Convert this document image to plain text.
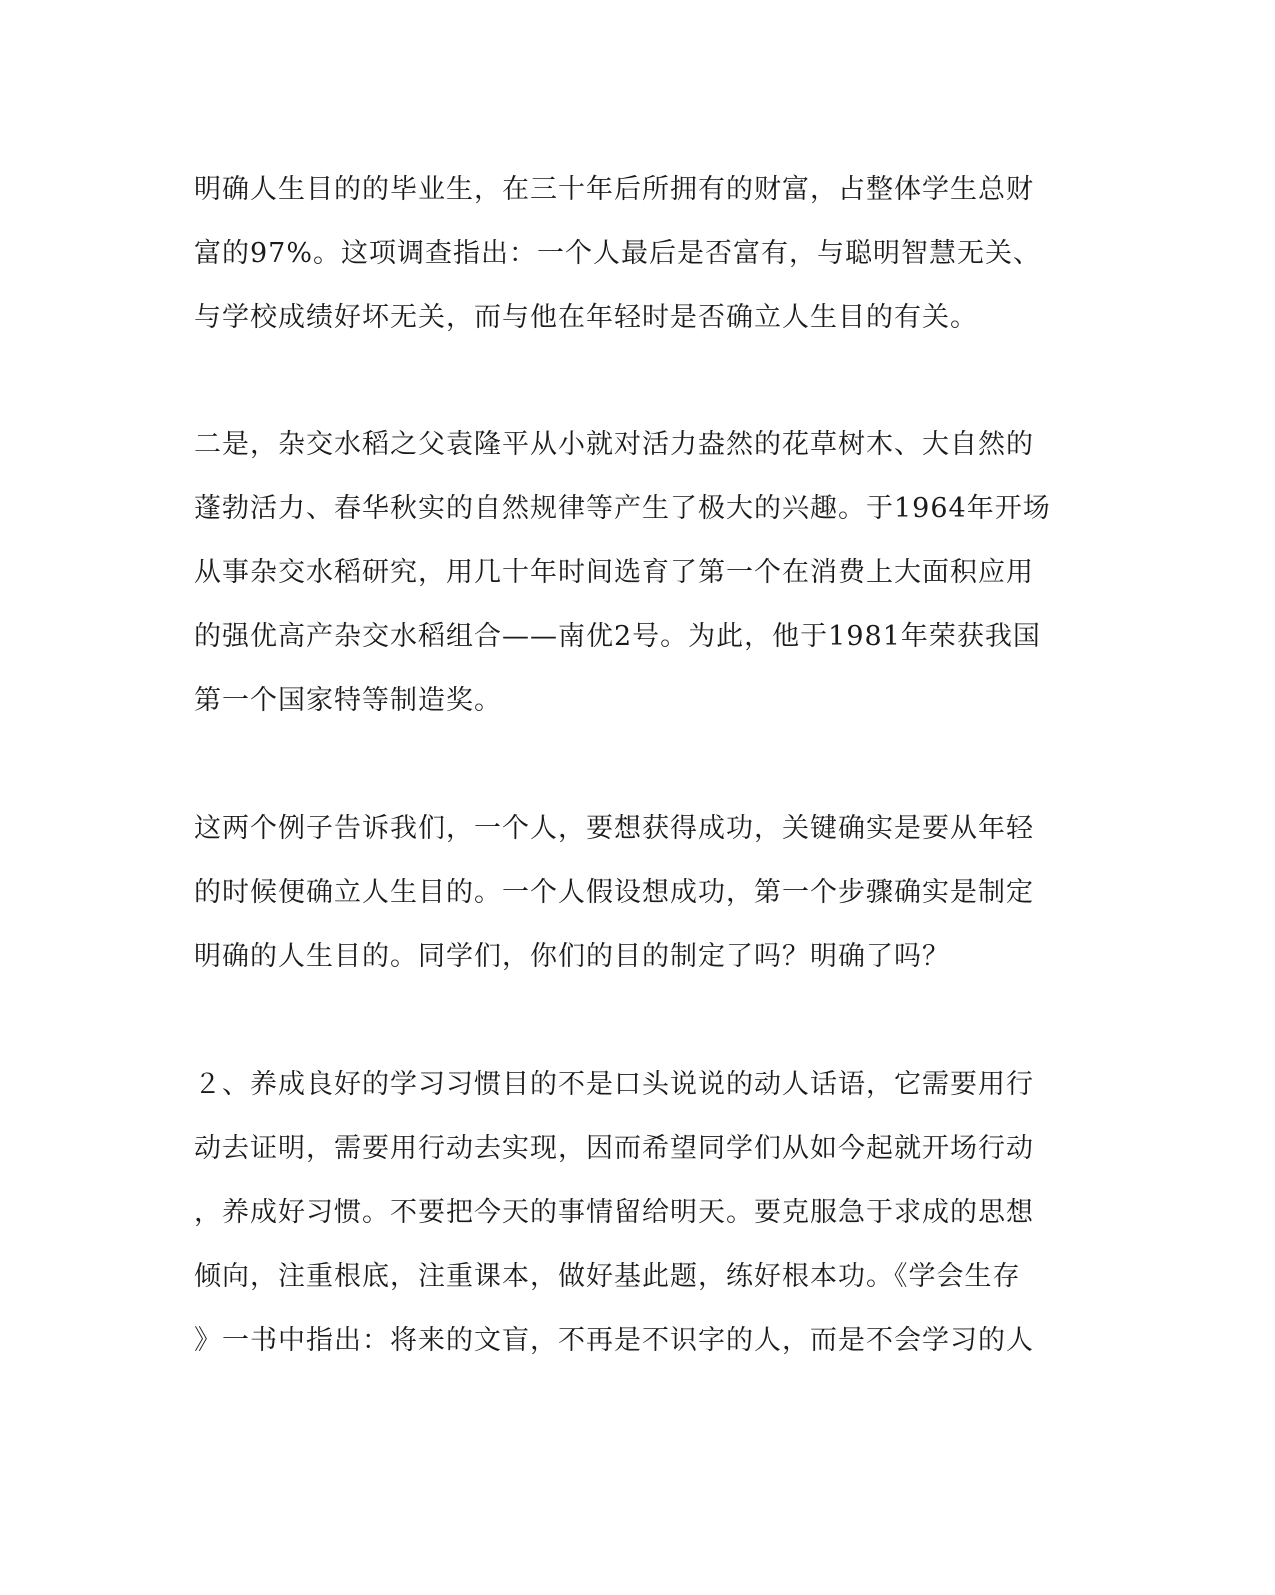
明确人生目的的毕业生，在三十年后所拥有的财富，占整体学生总财
富的97%。这项调查指出：一个人最后是否富有，与聪明智慧无关、
与学校成绩好坏无关，而与他在年轻时是否确立人生目的有关。
二是，杂交水稻之父袁隆平从小就对活力盎然的花草树木、大自然的
蓬勃活力、春华秋实的自然规律等产生了极大的兴趣。于1964年开场
从事杂交水稻研究，用几十年时间选育了第一个在消费上大面积应用
的强优高产杂交水稻组合——南优2号。为此，他于1981年荣获我国
第一个国家特等制造奖。
这两个例子告诉我们，一个人，要想获得成功，关键确实是要从年轻
的时候便确立人生目的。一个人假设想成功，第一个步骤确实是制定
明确的人生目的。同学们，你们的目的制定了吗？明确了吗？
２、养成良好的学习习惯目的不是口头说说的动人话语，它需要用行
动去证明，需要用行动去实现，因而希望同学们从如今起就开场行动
，养成好习惯。不要把今天的事情留给明天。要克服急于求成的思想
倾向，注重根底，注重课本，做好基此题，练好根本功。《学会生存
》一书中指出：将来的文盲，不再是不识字的人，而是不会学习的人
